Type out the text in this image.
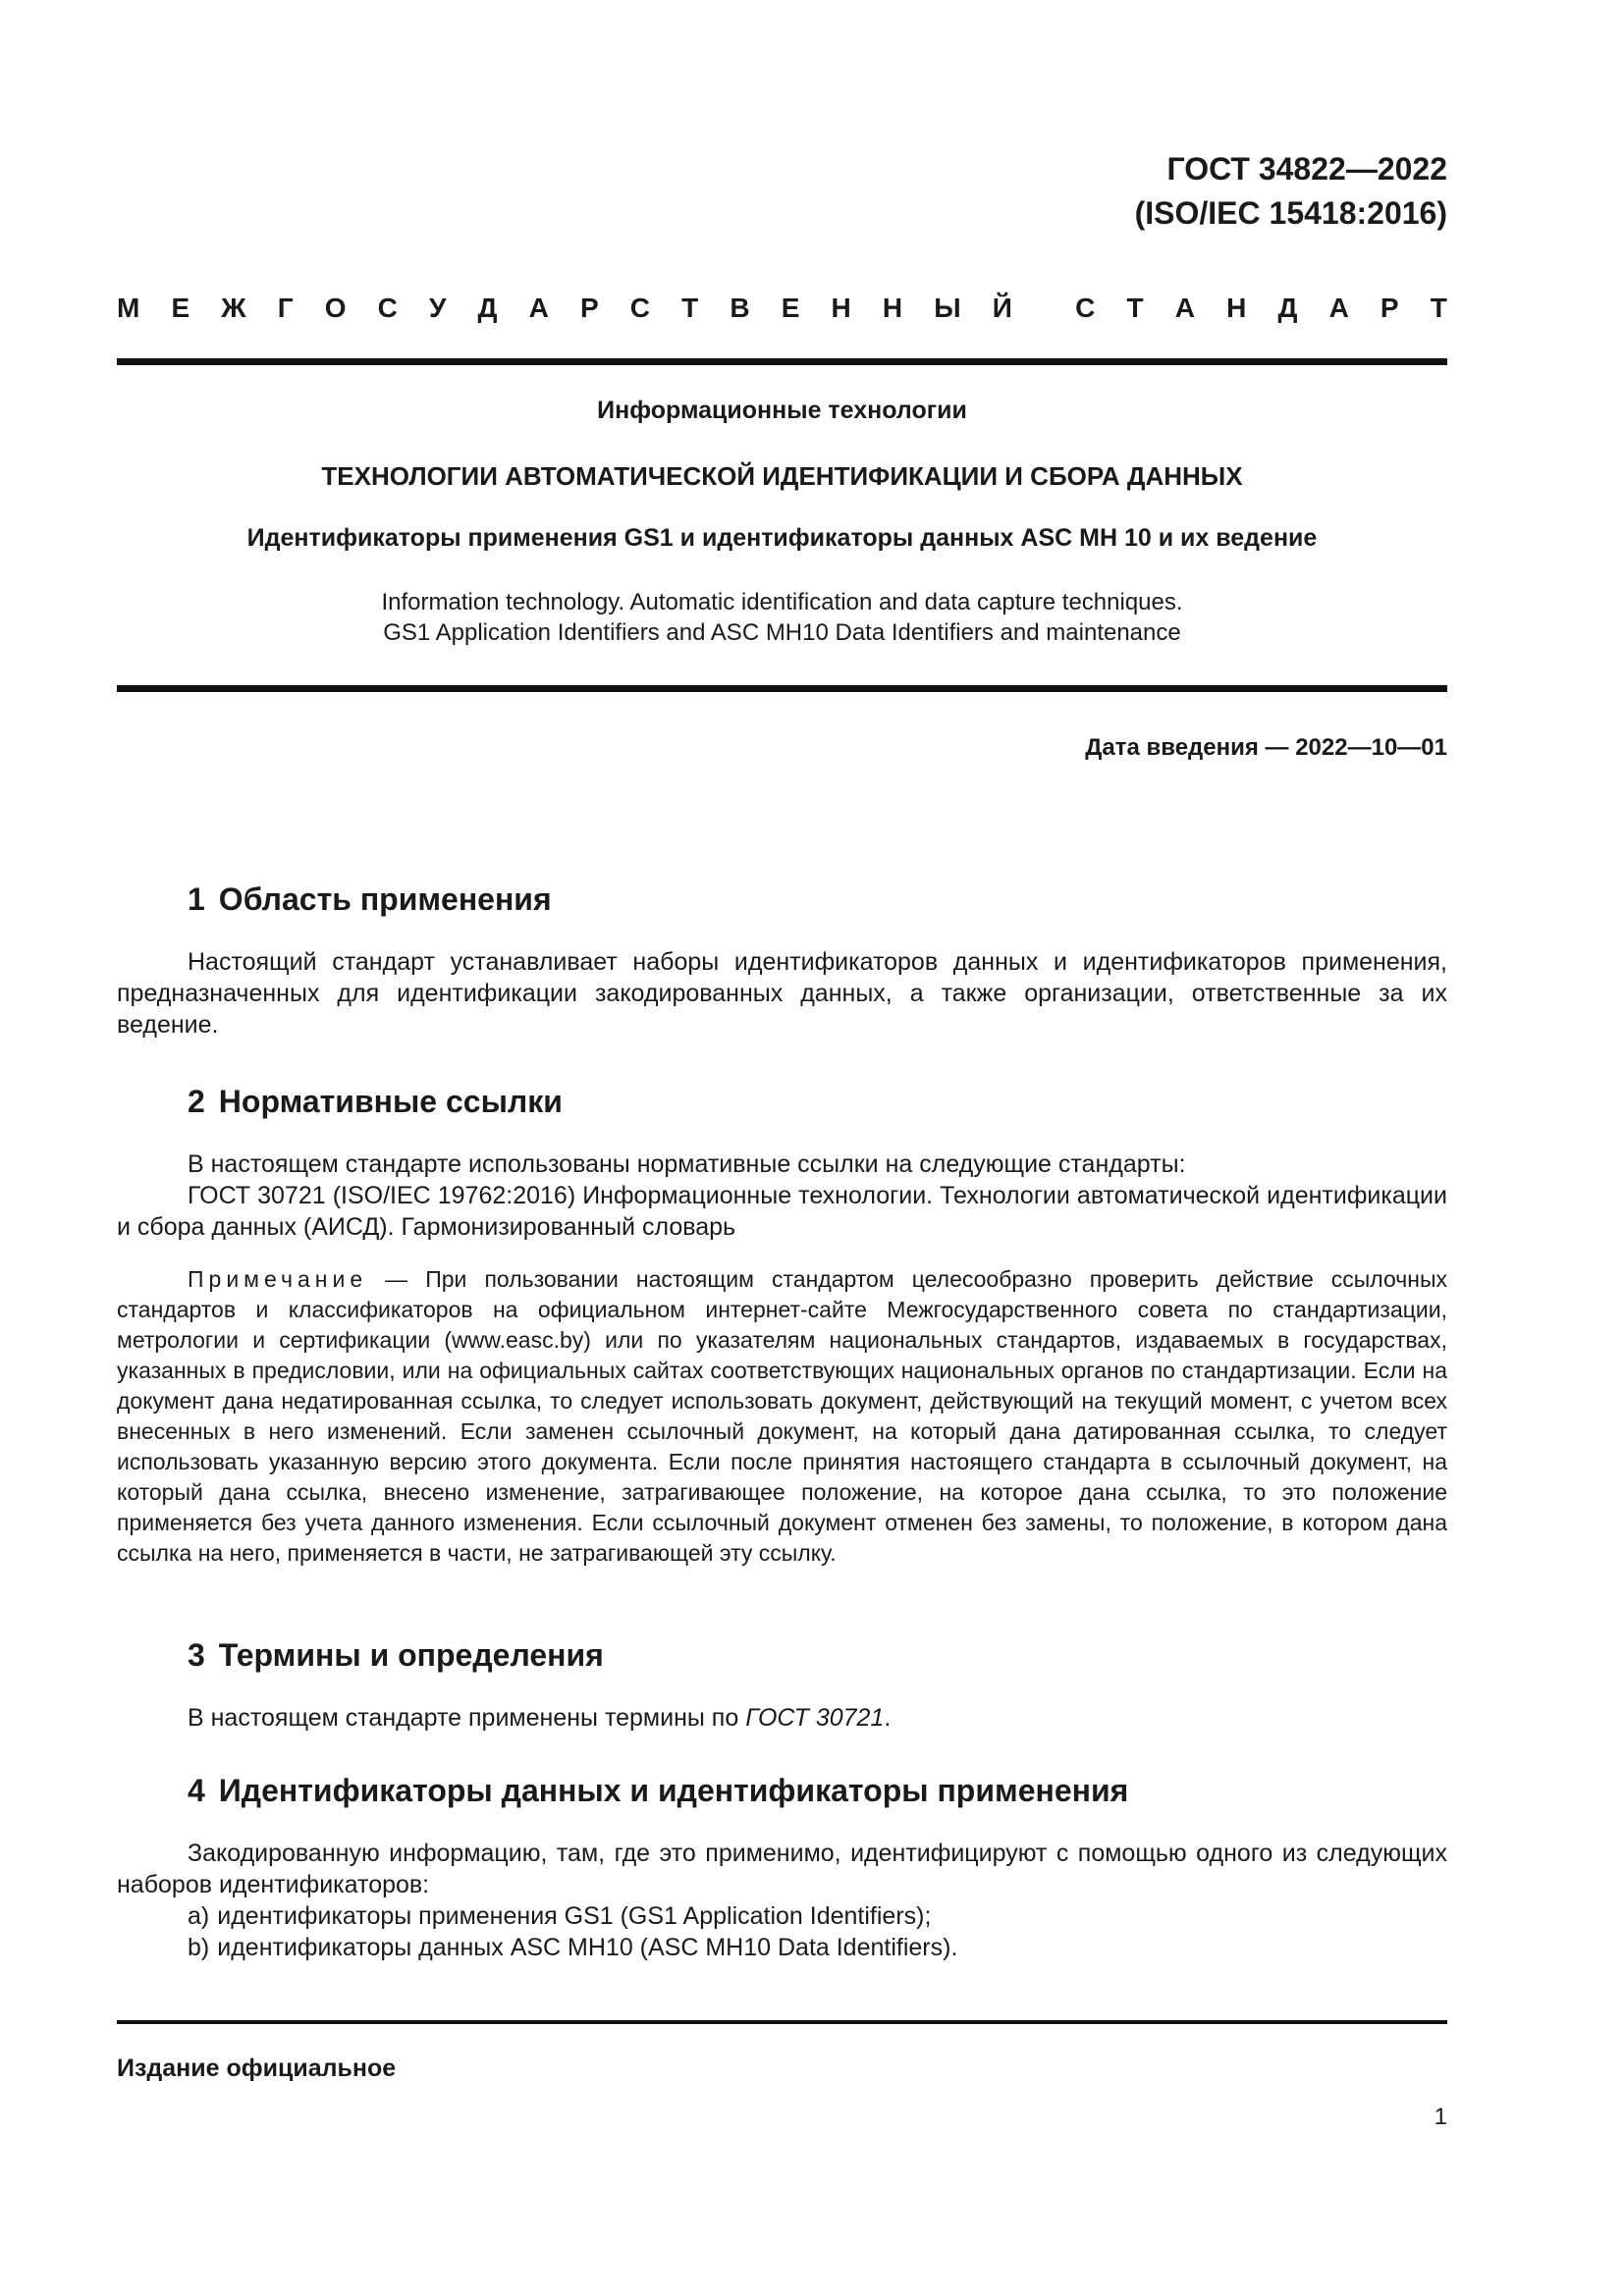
ГОСТ 34822—2022
(ISO/IEC 15418:2016)
М Е Ж Г О С У Д А Р С Т В Е Н Н Ы Й С Т А Н Д А Р Т
Информационные технологии
ТЕХНОЛОГИИ АВТОМАТИЧЕСКОЙ ИДЕНТИФИКАЦИИ И СБОРА ДАННЫХ
Идентификаторы применения GS1 и идентификаторы данных ASC MH 10 и их ведение
Information technology. Automatic identification and data capture techniques.
GS1 Application Identifiers and ASC MH10 Data Identifiers and maintenance
Дата введения — 2022—10—01
1 Область применения

Настоящий стандарт устанавливает наборы идентификаторов данных и идентификаторов применения, предназначенных для идентификации закодированных данных, а также организации, ответственные за их ведение.

2 Нормативные ссылки

В настоящем стандарте использованы нормативные ссылки на следующие стандарты:

ГОСТ 30721 (ISO/IEC 19762:2016) Информационные технологии. Технологии автоматической идентификации и сбора данных (АИСД). Гармонизированный словарь

Примечание — При пользовании настоящим стандартом целесообразно проверить действие ссылочных стандартов и классификаторов на официальном интернет-сайте Межгосударственного совета по стандартизации, метрологии и сертификации (www.easc.by) или по указателям национальных стандартов, издаваемых в государствах, указанных в предисловии, или на официальных сайтах соответствующих национальных органов по стандартизации. Если на документ дана недатированная ссылка, то следует использовать документ, действующий на текущий момент, с учетом всех внесенных в него изменений. Если заменен ссылочный документ, на который дана датированная ссылка, то следует использовать указанную версию этого документа. Если после принятия настоящего стандарта в ссылочный документ, на который дана ссылка, внесено изменение, затрагивающее положение, на которое дана ссылка, то это положение применяется без учета данного изменения. Если ссылочный документ отменен без замены, то положение, в котором дана ссылка на него, применяется в части, не затрагивающей эту ссылку.

3 Термины и определения

В настоящем стандарте применены термины по ГОСТ 30721.

4 Идентификаторы данных и идентификаторы применения

Закодированную информацию, там, где это применимо, идентифицируют с помощью одного из следующих наборов идентификаторов:

a) идентификаторы применения GS1 (GS1 Application Identifiers);
b) идентификаторы данных ASC MH10 (ASC MH10 Data Identifiers).
Издание официальное
1
